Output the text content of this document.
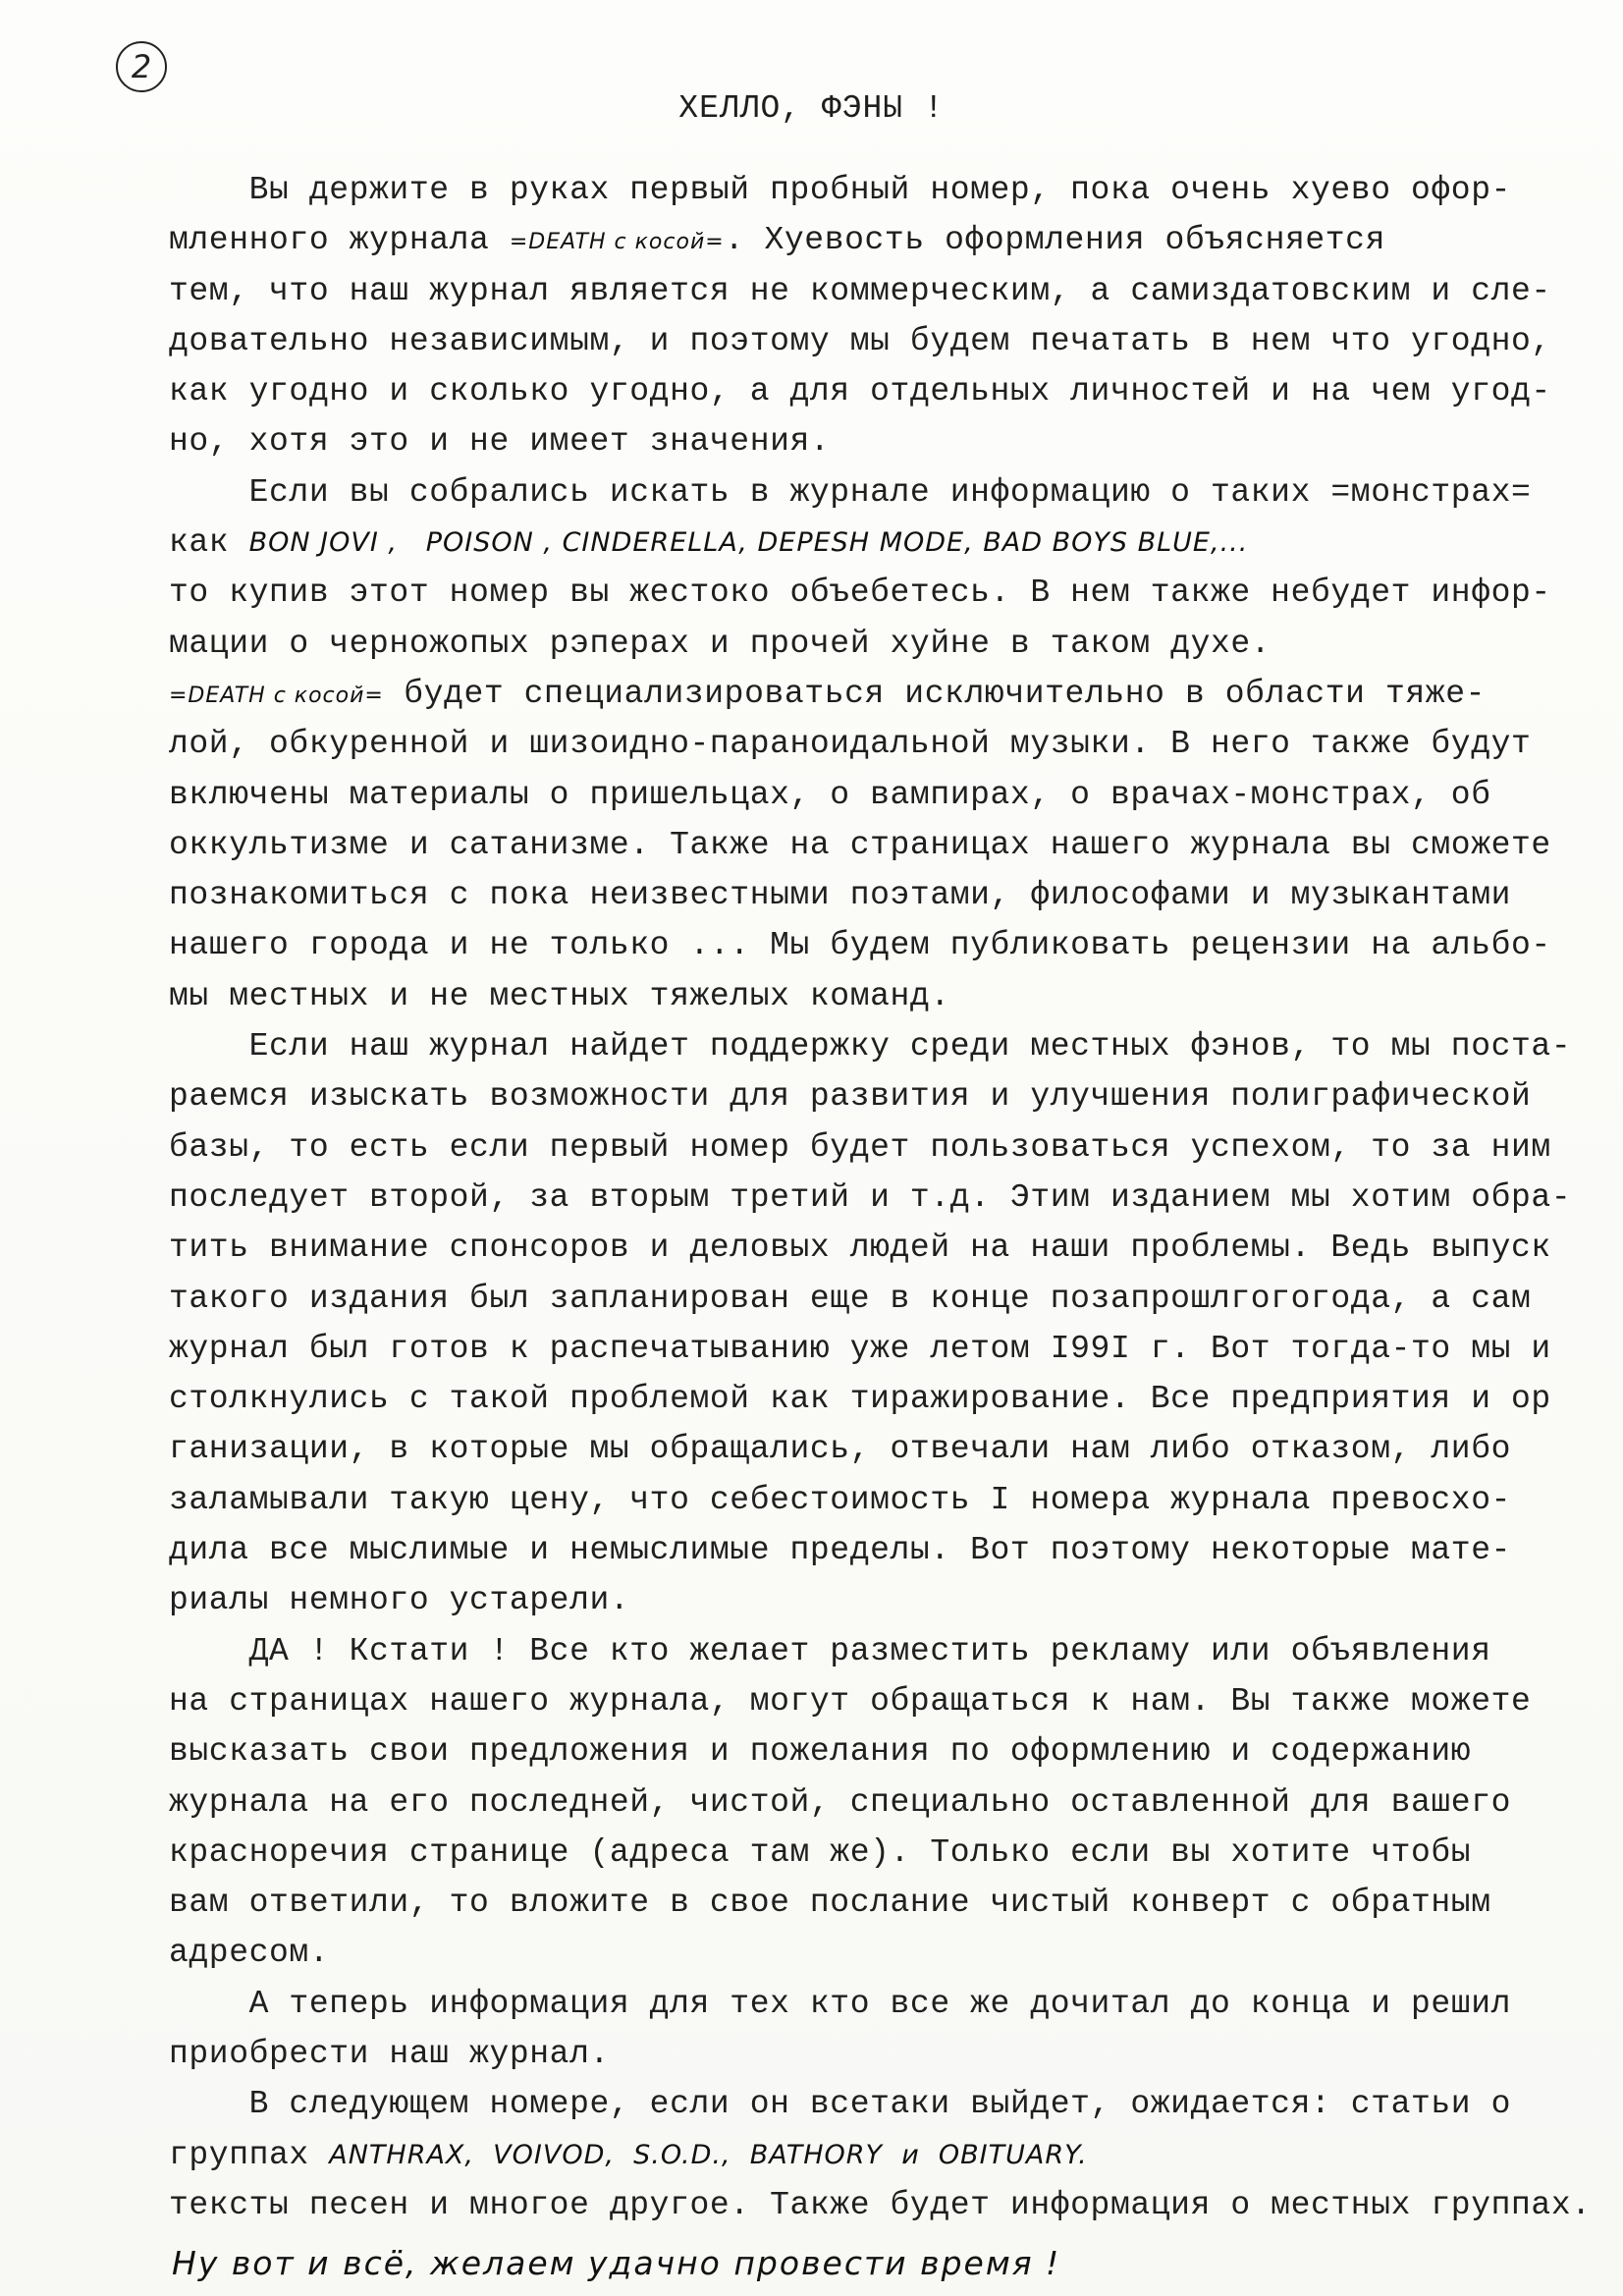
2
ХЕЛЛО, ФЭНЫ !
Вы держите в руках первый пробный номер, пока очень хуево офор-
мленного журнала =DEATH с косой=. Хуевость оформления объясняется
тем, что наш журнал является не коммерческим, а самиздатовским и сле-
довательно независимым, и поэтому мы будем печатать в нем что угодно,
как угодно и сколько угодно, а для отдельных личностей и на чем угод-
но, хотя это и не имеет значения.
Если вы собрались искать в журнале информацию о таких =монстрах=
как BON JOVI ,   POISON , CINDERELLA, DEPESH MODE, BAD BOYS BLUE,...
то купив этот номер вы жестоко объебетесь. В нем также небудет инфор-
мации о черножопых рэперах и прочей хуйне в таком духе.
=DEATH с косой= будет специализироваться исключительно в области тяже-
лой, обкуренной и шизоидно-параноидальной музыки. В него также будут
включены материалы о пришельцах, о вампирах, о врачах-монстрах, об
оккультизме и сатанизме. Также на страницах нашего журнала вы сможете
познакомиться с пока неизвестными поэтами, философами и музыкантами
нашего города и не только ... Мы будем публиковать рецензии на альбо-
мы местных и не местных тяжелых команд.
Если наш журнал найдет поддержку среди местных фэнов, то мы поста-
раемся изыскать возможности для развития и улучшения полиграфической
базы, то есть если первый номер будет пользоваться успехом, то за ним
последует второй, за вторым третий и т.д. Этим изданием мы хотим обра-
тить внимание спонсоров и деловых людей на наши проблемы. Ведь выпуск
такого издания был запланирован еще в конце позапрошлгогогода, а сам
журнал был готов к распечатыванию уже летом I99I г. Вот тогда-то мы и
столкнулись с такой проблемой как тиражирование. Все предприятия и ор
ганизации, в которые мы обращались, отвечали нам либо отказом, либо
заламывали такую цену, что себестоимость I номера журнала превосхо-
дила все мыслимые и немыслимые пределы. Вот поэтому некоторые мате-
риалы немного устарели.
ДА ! Кстати ! Все кто желает разместить рекламу или объявления
на страницах нашего журнала, могут обращаться к нам. Вы также можете
высказать свои предложения и пожелания по оформлению и содержанию
журнала на его последней, чистой, специально оставленной для вашего
красноречия странице (адреса там же). Только если вы хотите чтобы
вам ответили, то вложите в свое послание чистый конверт с обратным
адресом.
А теперь информация для тех кто все же дочитал до конца и решил
приобрести наш журнал.
В следующем номере, если он всетаки выйдет, ожидается: статьи о
группах ANTHRAX,  VOIVOD,  S.O.D.,  BATHORY  и  OBITUARY.
тексты песен и многое другое. Также будет информация о местных группах.
Ну вот и всё, желаем удачно провести время !
